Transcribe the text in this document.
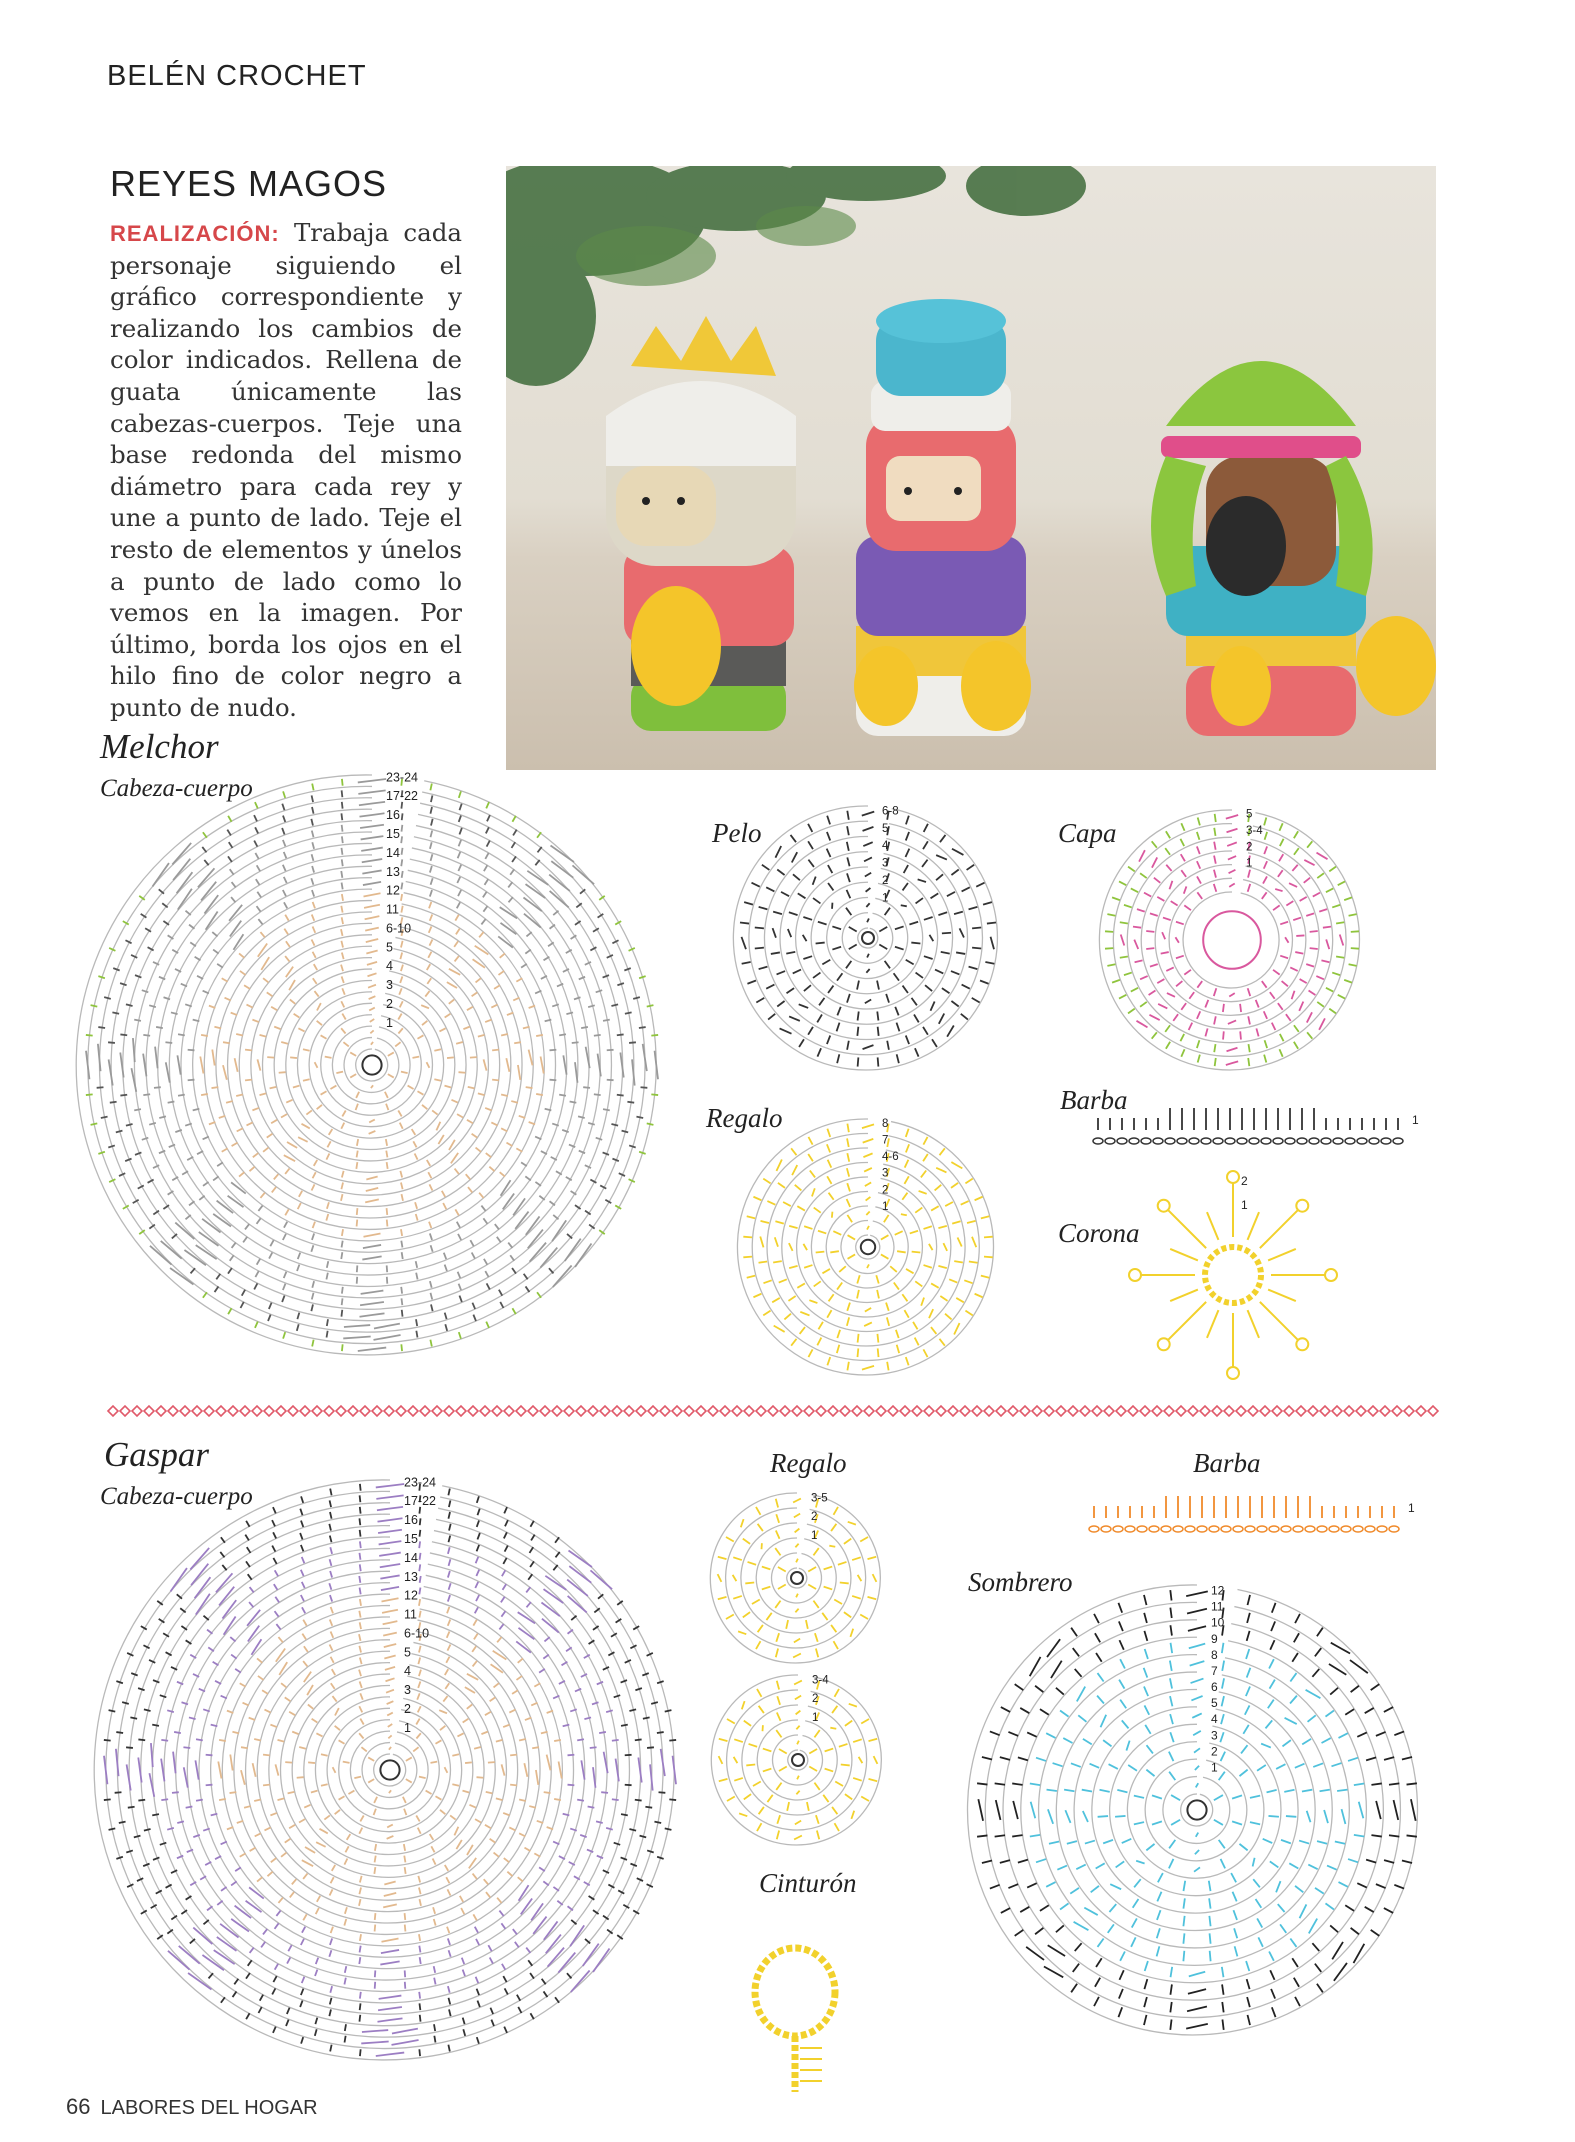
BELÉN CROCHET
REYES MAGOS
REALIZACIÓN: Trabaja cada personaje siguiendo el gráfico correspondiente y realizando los cambios de color indicados. Rellena de guata únicamente las cabezas-cuerpos. Teje una base redonda del mismo diámetro para cada rey y une a punto de lado. Teje el resto de elementos y únelos a punto de lado como lo vemos en la imagen. Por último, borda los ojos en el hilo fino de color negro a punto de nudo.
Melchor
Cabeza-cuerpo
Pelo	Capa
Regalo
Barba
Corona
23-24
17-22
16
15
14
13
12
11
6-10
5
4
3
2
1
6-8
5
4
3
2
1
5
3-4
2
1
8
7
4-6
3
2
1
1
2
1
Gaspar
Cabeza-cuerpo
Regalo	Barba
Sombrero
Cinturón
23-24
17-22
16
15
14
13
12
11
6-10
5
4
3
2
1
3-5
2
1
3-4
2
1
1
12
11
10
9
8
7
6
5
4
3
2
1
66 LABORES DEL HOGAR
